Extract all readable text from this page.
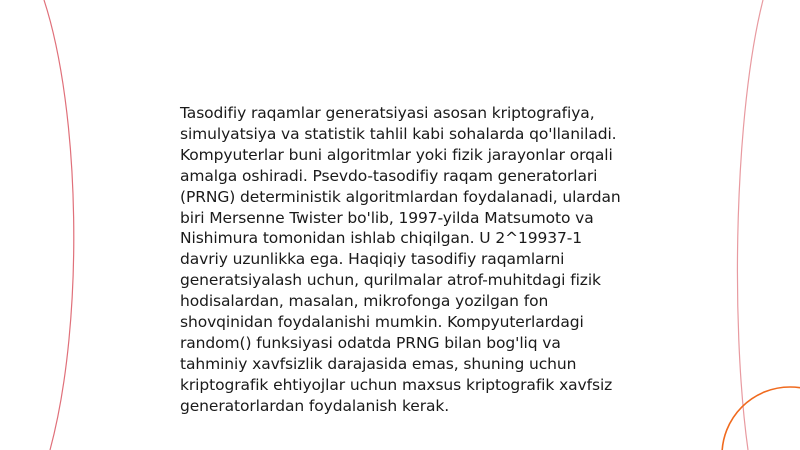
Tasodifiy raqamlar generatsiyasi asosan kriptografiya, simulyatsiya va statistik tahlil kabi sohalarda qo'llaniladi. Kompyuterlar buni algoritmlar yoki fizik jarayonlar orqali amalga oshiradi. Psevdo-tasodifiy raqam generatorlari (PRNG) deterministik algoritmlardan foydalanadi, ulardan biri Mersenne Twister bo'lib, 1997-yilda Matsumoto va Nishimura tomonidan ishlab chiqilgan. U 2^19937-1 davriy uzunlikka ega. Haqiqiy tasodifiy raqamlarni generatsiyalash uchun, qurilmalar atrof-muhitdagi fizik hodisalardan, masalan, mikrofonga yozilgan fon shovqinidan foydalanishi mumkin. Kompyuterlardagi random() funksiyasi odatda PRNG bilan bog'liq va tahminiy xavfsizlik darajasida emas, shuning uchun kriptografik ehtiyojlar uchun maxsus kriptografik xavfsiz generatorlardan foydalanish kerak.
